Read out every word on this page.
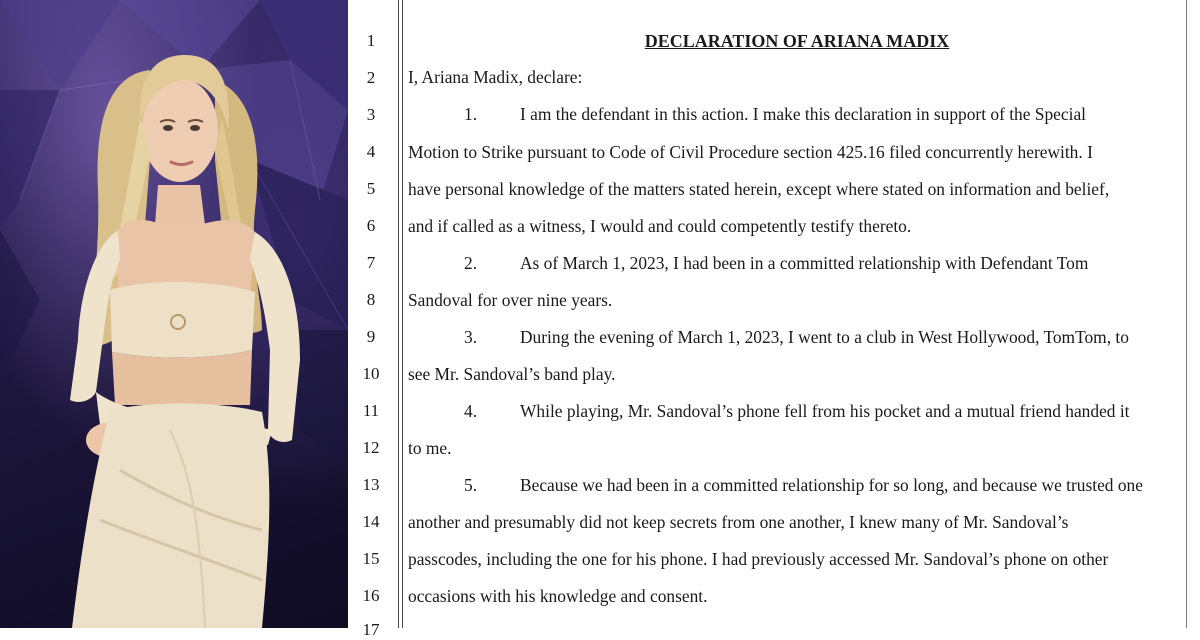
1
2
3
4
5
6
7
8
9
10
11
12
13
14
15
16
17
DECLARATION OF ARIANA MADIX
I, Ariana Madix, declare:
1. I am the defendant in this action. I make this declaration in support of the Special
Motion to Strike pursuant to Code of Civil Procedure section 425.16 filed concurrently herewith. I
have personal knowledge of the matters stated herein, except where stated on information and belief,
and if called as a witness, I would and could competently testify thereto.
2. As of March 1, 2023, I had been in a committed relationship with Defendant Tom
Sandoval for over nine years.
3. During the evening of March 1, 2023, I went to a club in West Hollywood, TomTom, to
see Mr. Sandoval’s band play.
4. While playing, Mr. Sandoval’s phone fell from his pocket and a mutual friend handed it
to me.
5. Because we had been in a committed relationship for so long, and because we trusted one
another and presumably did not keep secrets from one another, I knew many of Mr. Sandoval’s
passcodes, including the one for his phone. I had previously accessed Mr. Sandoval’s phone on other
occasions with his knowledge and consent.
